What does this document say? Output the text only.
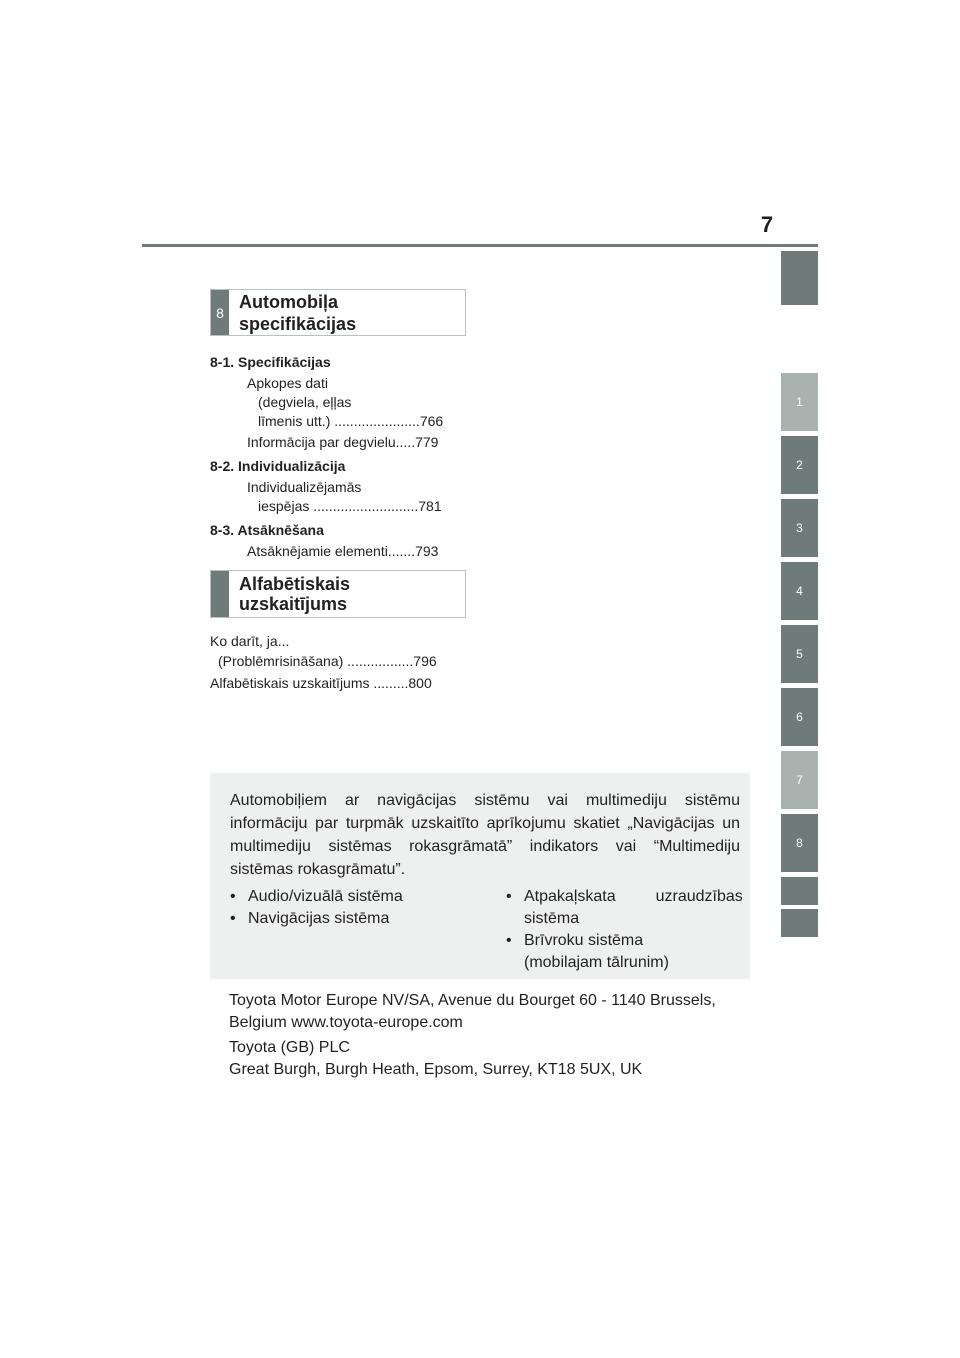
7
1
2
3
4
5
6
7
8
8
Automobiļa specifikācijas
8-1. Specifikācijas
Apkopes dati
(degviela, eļļas
līmenis utt.) ......................766
Informācija par degvielu.....779
8-2. Individualizācija
Individualizējamās
iespējas ...........................781
8-3. Atsāknēšana
Atsāknējamie elementi.......793
Alfabētiskais
uzskaitījums
Ko darīt, ja...
(Problēmrisināšana) .................796
Alfabētiskais uzskaitījums .........800
Automobiļiem ar navigācijas sistēmu vai multimediju sistēmu informāciju par turpmāk uzskaitīto aprīkojumu skatiet „Navigācijas un multimediju sistēmas rokasgrāmatā” indikators vai “Multimediju sistēmas rokasgrāmatu”.
• Audio/vizuālā sistēma
• Navigācijas sistēma
• Atpakaļskata         uzraudzības
sistēma
• Brīvroku sistēma
(mobilajam tālrunim)
Toyota Motor Europe NV/SA, Avenue du Bourget 60 - 1140 Brussels,
Belgium www.toyota-europe.com
Toyota (GB) PLC
Great Burgh, Burgh Heath, Epsom, Surrey, KT18 5UX, UK
